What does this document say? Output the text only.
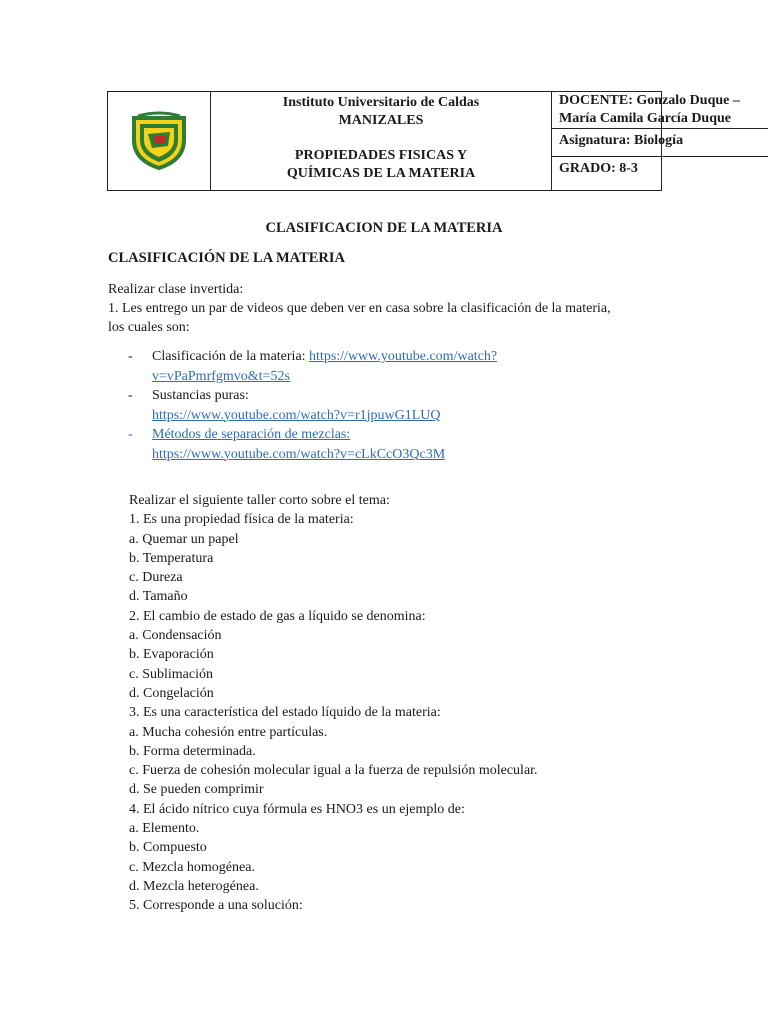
Instituto Universitario de Caldas
MANIZALES
PROPIEDADES FISICAS Y
QUÍMICAS DE LA MATERIA
DOCENTE: Gonzalo Duque –
María Camila García Duque
Asignatura: Biología
GRADO: 8-3
CLASIFICACION DE LA MATERIA
CLASIFICACIÓN DE LA MATERIA
Realizar clase invertida:
1. Les entrego un par de videos que deben ver en casa sobre la clasificación de la materia,
los cuales son:
- Clasificación de la materia: https://www.youtube.com/watch?
v=vPaPmrfgmvo&t=52s
- Sustancias puras:
https://www.youtube.com/watch?v=r1jpuwG1LUQ
- Métodos de separación de mezclas:
https://www.youtube.com/watch?v=cLkCcO3Qc3M
Realizar el siguiente taller corto sobre el tema:
1. Es una propiedad física de la materia:
a. Quemar un papel
b. Temperatura
c. Dureza
d. Tamaño
2. El cambio de estado de gas a líquido se denomina:
a. Condensación
b. Evaporación
c. Sublimación
d. Congelación
3. Es una característica del estado líquido de la materia:
a. Mucha cohesión entre partículas.
b. Forma determinada.
c. Fuerza de cohesión molecular igual a la fuerza de repulsión molecular.
d. Se pueden comprimir
4. El ácido nítrico cuya fórmula es HNO3 es un ejemplo de:
a. Elemento.
b. Compuesto
c. Mezcla homogénea.
d. Mezcla heterogénea.
5. Corresponde a una solución:
